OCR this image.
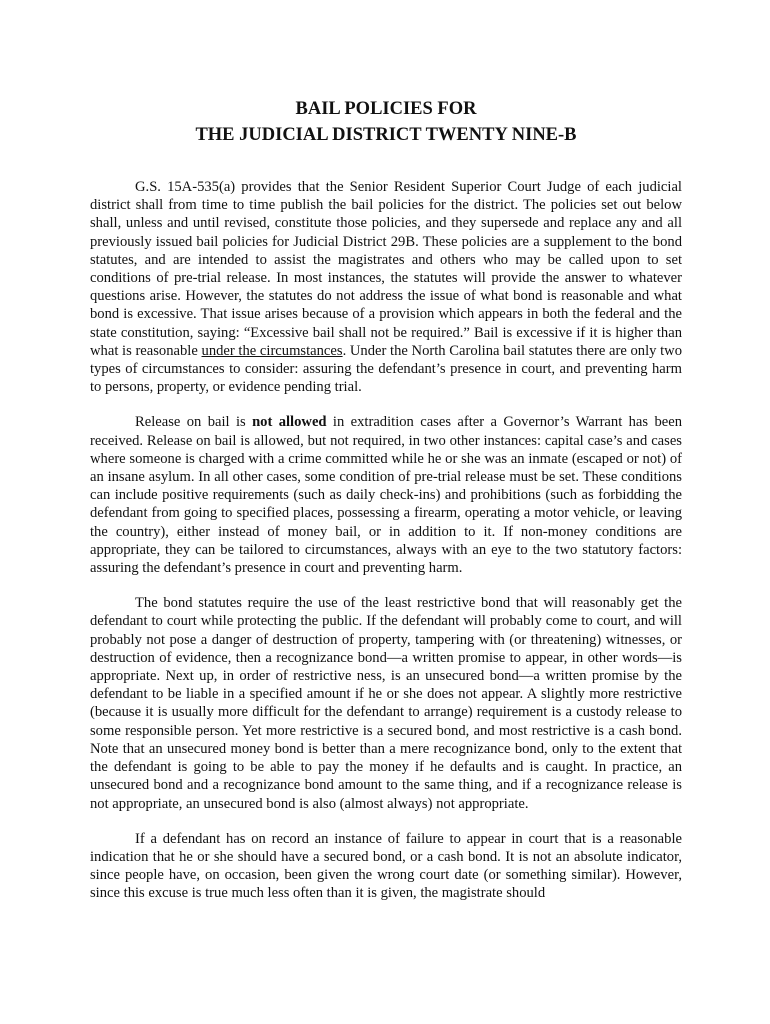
BAIL POLICIES FOR
THE JUDICIAL DISTRICT TWENTY NINE-B

G.S. 15A-535(a) provides that the Senior Resident Superior Court Judge of each judicial district shall from time to time publish the bail policies for the district. The policies set out below shall, unless and until revised, constitute those policies, and they supersede and replace any and all previously issued bail policies for Judicial District 29B. These policies are a supplement to the bond statutes, and are intended to assist the magistrates and others who may be called upon to set conditions of pre-trial release. In most instances, the statutes will provide the answer to whatever questions arise. However, the statutes do not address the issue of what bond is reasonable and what bond is excessive. That issue arises because of a provision which appears in both the federal and the state constitution, saying: “Excessive bail shall not be required.” Bail is excessive if it is higher than what is reasonable under the circumstances. Under the North Carolina bail statutes there are only two types of circumstances to consider: assuring the defendant’s presence in court, and preventing harm to persons, property, or evidence pending trial.

Release on bail is not allowed in extradition cases after a Governor’s Warrant has been received. Release on bail is allowed, but not required, in two other instances: capital case’s and cases where someone is charged with a crime committed while he or she was an inmate (escaped or not) of an insane asylum. In all other cases, some condition of pre-trial release must be set. These conditions can include positive requirements (such as daily check-ins) and prohibitions (such as forbidding the defendant from going to specified places, possessing a firearm, operating a motor vehicle, or leaving the country), either instead of money bail, or in addition to it. If non-money conditions are appropriate, they can be tailored to circumstances, always with an eye to the two statutory factors: assuring the defendant’s presence in court and preventing harm.

The bond statutes require the use of the least restrictive bond that will reasonably get the defendant to court while protecting the public. If the defendant will probably come to court, and will probably not pose a danger of destruction of property, tampering with (or threatening) witnesses, or destruction of evidence, then a recognizance bond—a written promise to appear, in other words—is appropriate. Next up, in order of restrictive ness, is an unsecured bond—a written promise by the defendant to be liable in a specified amount if he or she does not appear. A slightly more restrictive (because it is usually more difficult for the defendant to arrange) requirement is a custody release to some responsible person. Yet more restrictive is a secured bond, and most restrictive is a cash bond. Note that an unsecured money bond is better than a mere recognizance bond, only to the extent that the defendant is going to be able to pay the money if he defaults and is caught. In practice, an unsecured bond and a recognizance bond amount to the same thing, and if a recognizance release is not appropriate, an unsecured bond is also (almost always) not appropriate.

If a defendant has on record an instance of failure to appear in court that is a reasonable indication that he or she should have a secured bond, or a cash bond. It is not an absolute indicator, since people have, on occasion, been given the wrong court date (or something similar). However, since this excuse is true much less often than it is given, the magistrate should
